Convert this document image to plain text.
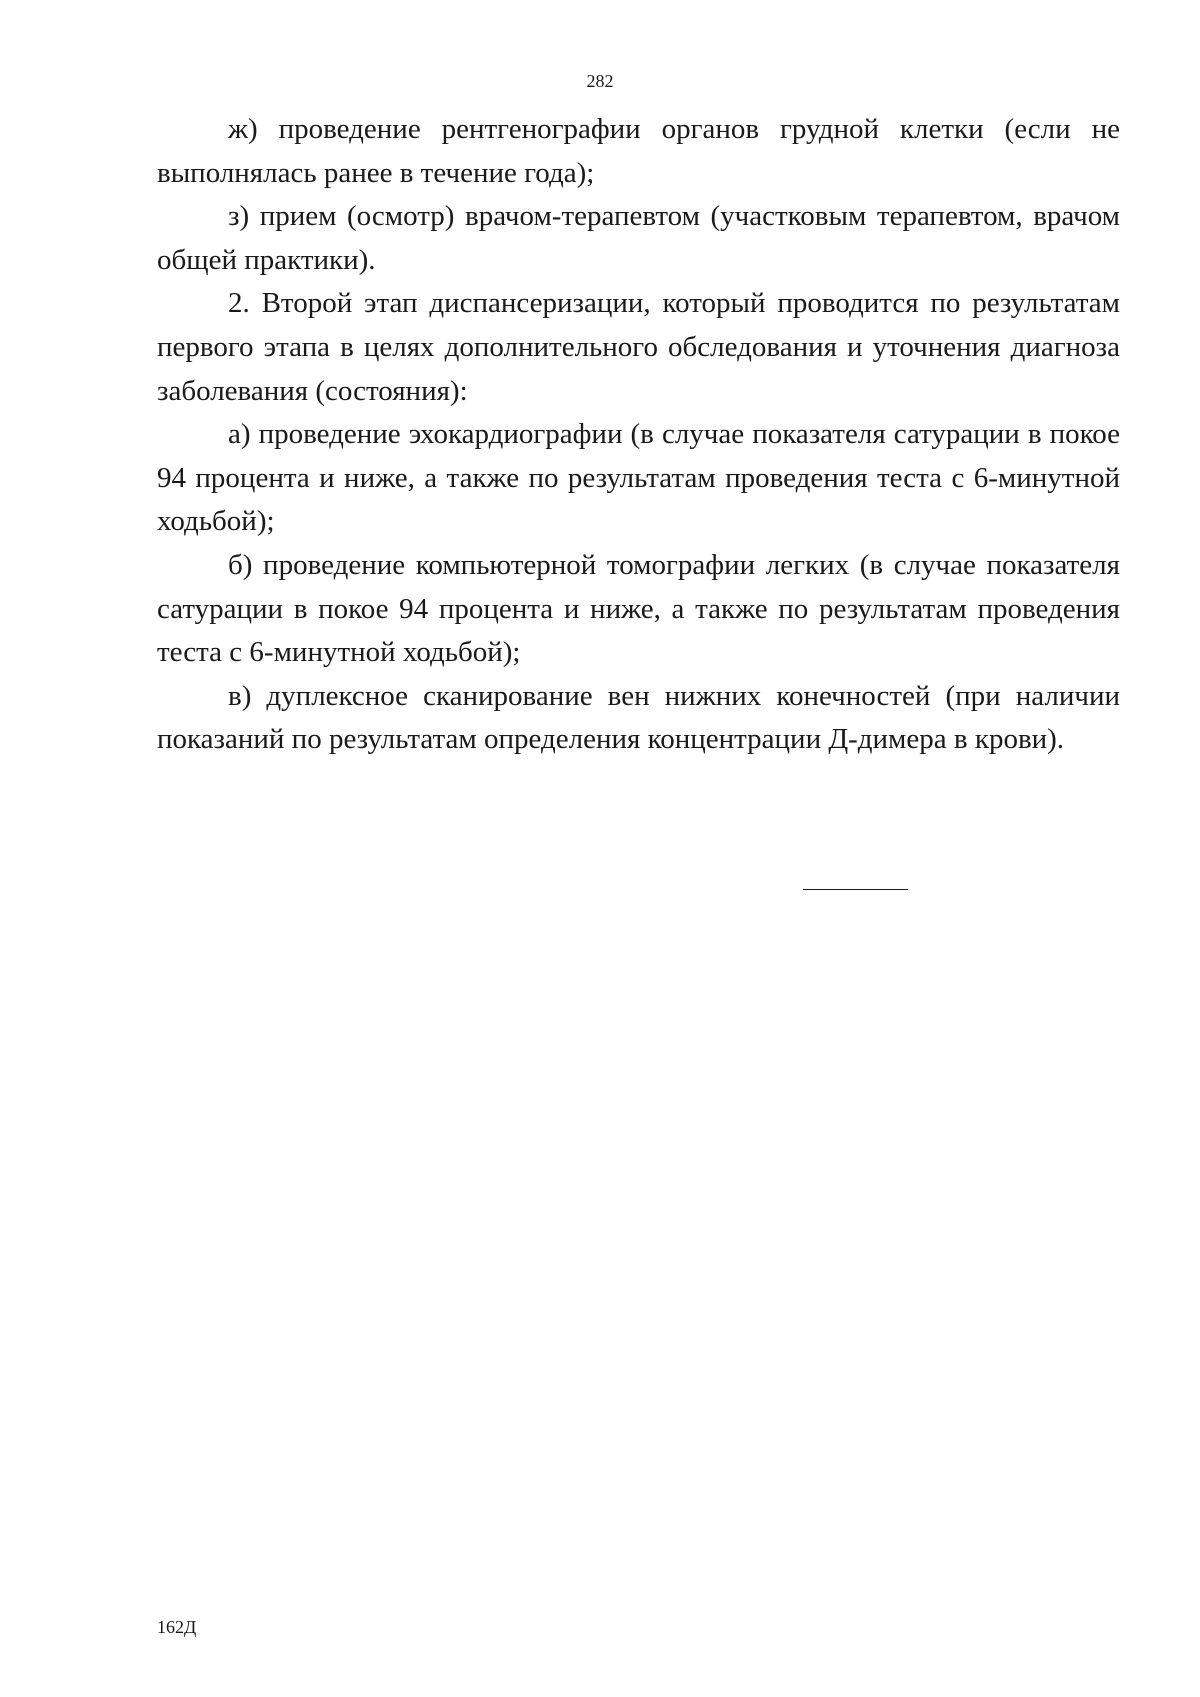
282

ж) проведение рентгенографии органов грудной клетки (если не выполнялась ранее в течение года);

з) прием (осмотр) врачом-терапевтом (участковым терапевтом, врачом общей практики).

2. Второй этап диспансеризации, который проводится по результатам первого этапа в целях дополнительного обследования и уточнения диагноза заболевания (состояния):

а) проведение эхокардиографии (в случае показателя сатурации в покое 94 процента и ниже, а также по результатам проведения теста с 6-минутной ходьбой);

б) проведение компьютерной томографии легких (в случае показателя сатурации в покое 94 процента и ниже, а также по результатам проведения теста с 6-минутной ходьбой);

в) дуплексное сканирование вен нижних конечностей (при наличии показаний по результатам определения концентрации Д-димера в крови).

162Д
